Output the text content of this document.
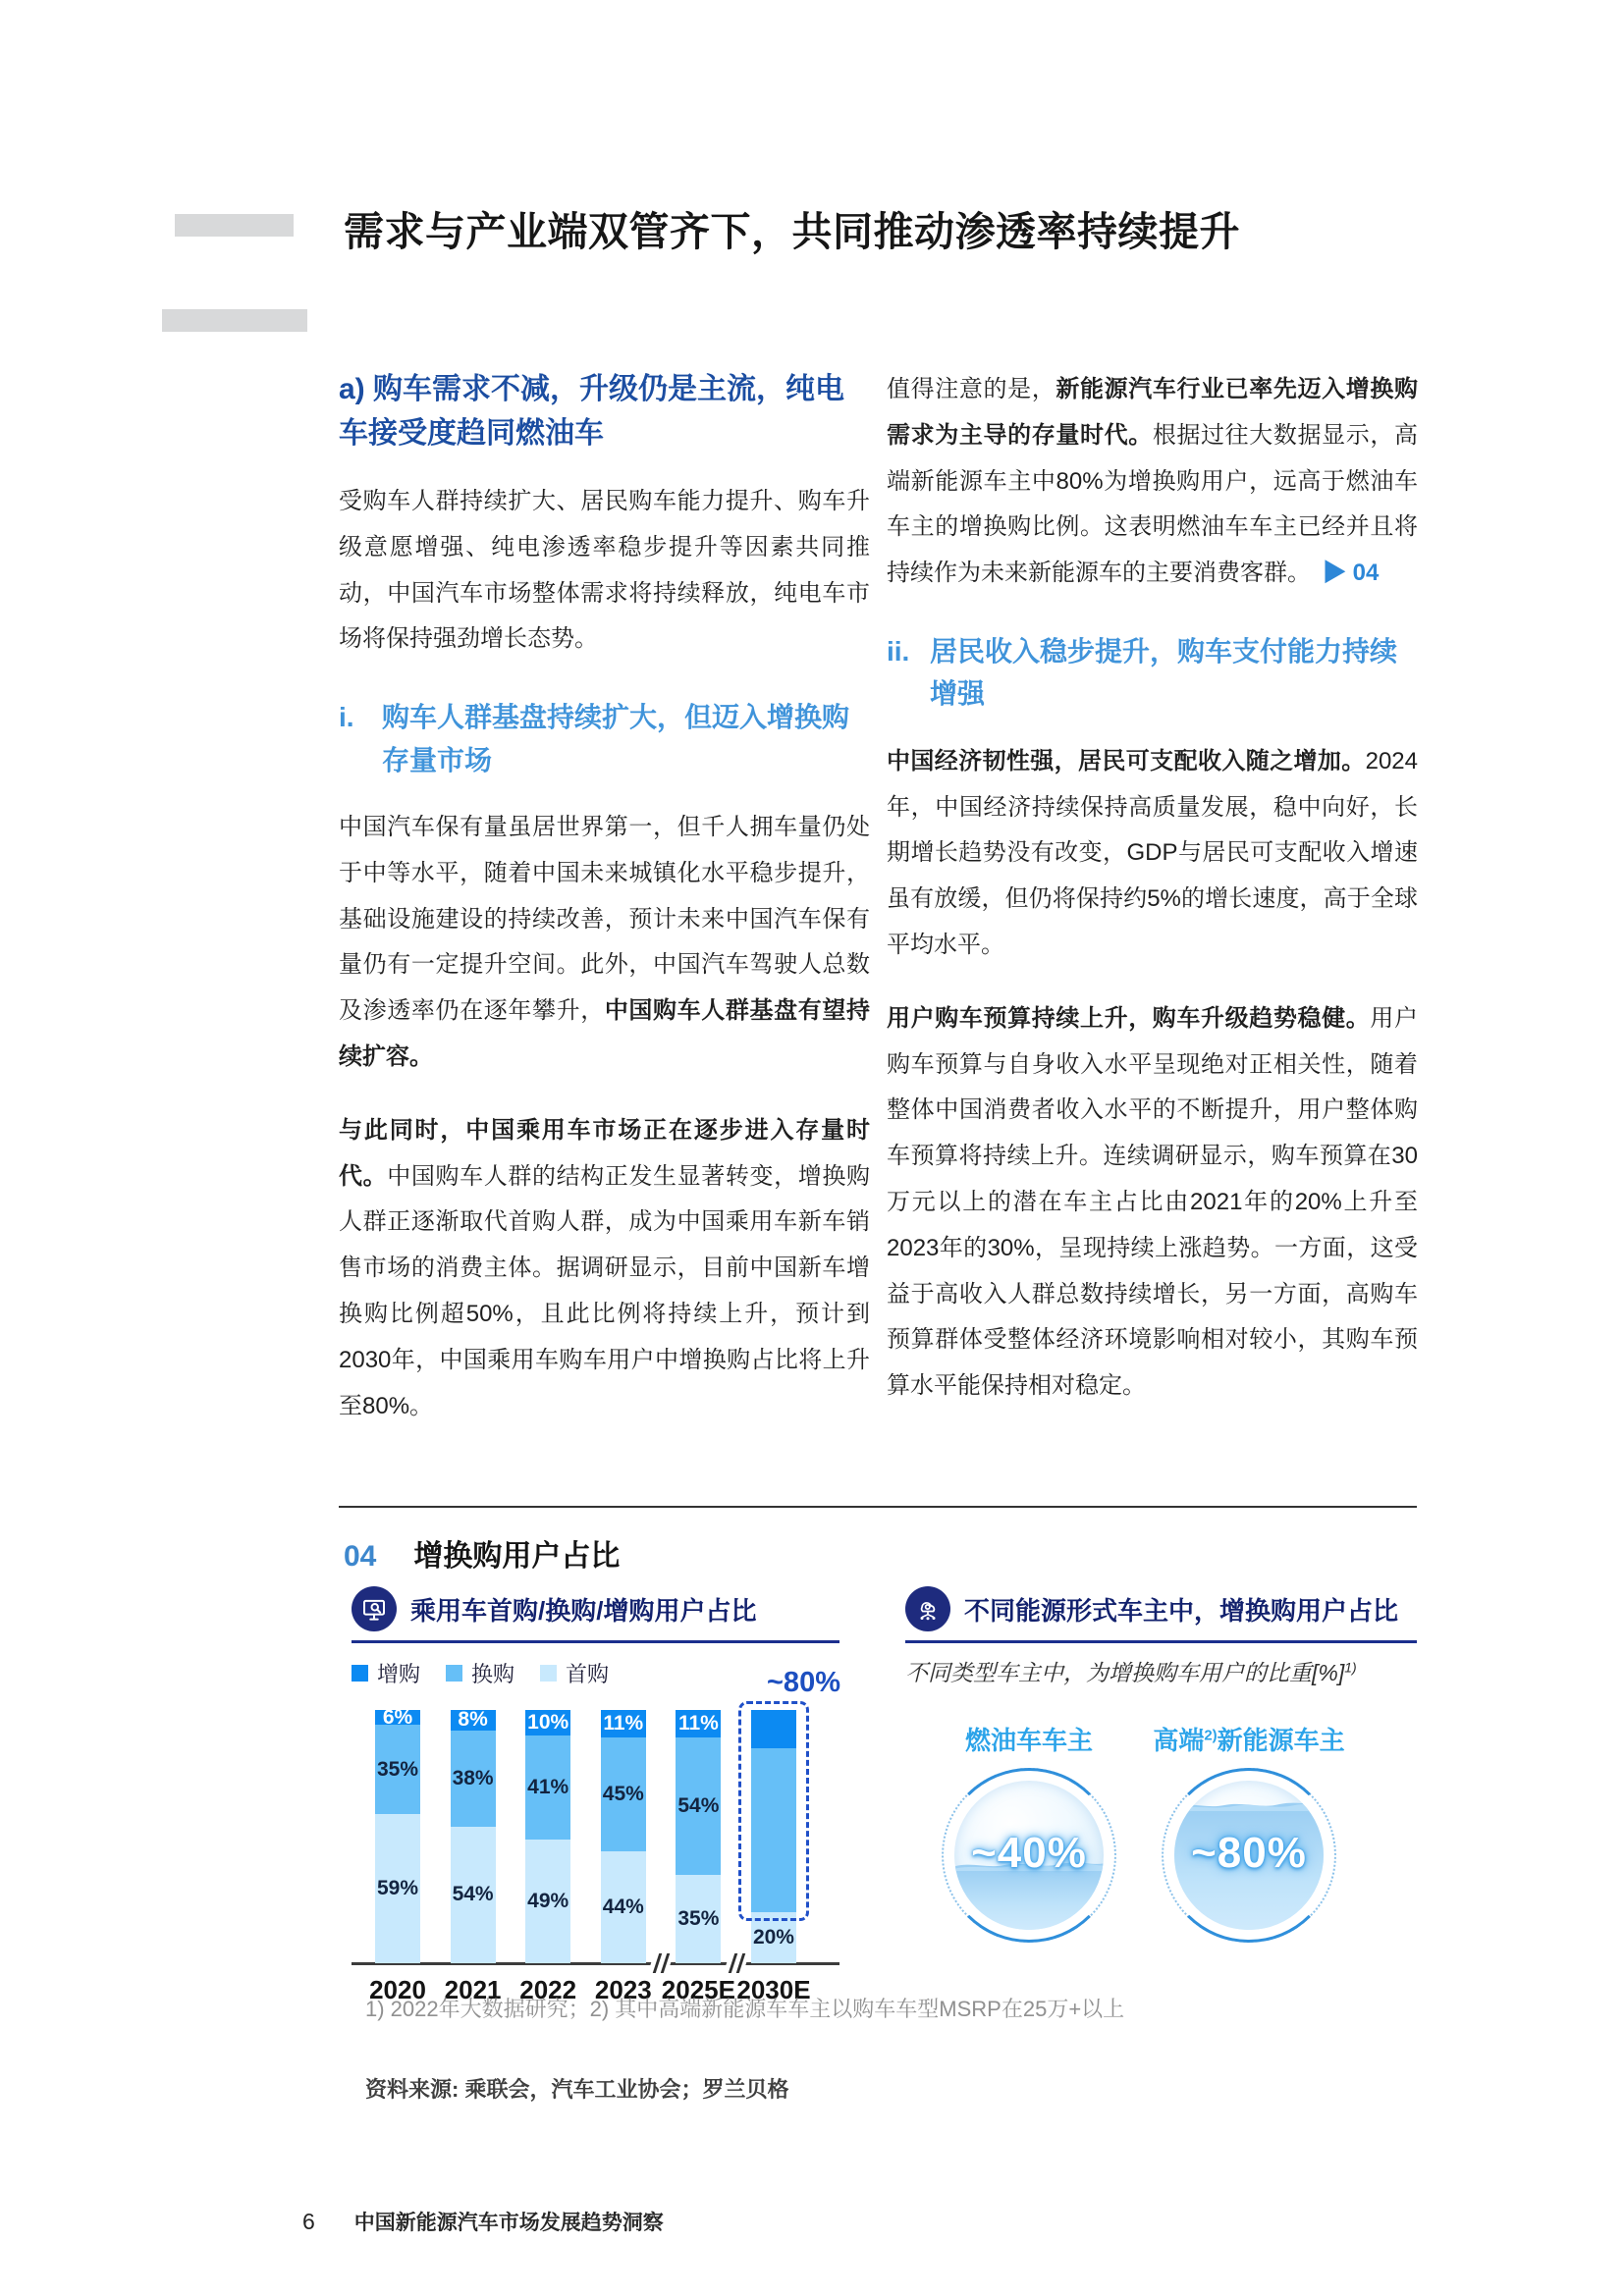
需求与产业端双管齐下，共同推动渗透率持续提升
a) 购车需求不减，升级仍是主流，纯电车接受度趋同燃油车

受购车人群持续扩大、居民购车能力提升、购车升级意愿增强、纯电渗透率稳步提升等因素共同推动，中国汽车市场整体需求将持续释放，纯电车市场将保持强劲增长态势。

i.	购车人群基盘持续扩大，但迈入增换购存量市场

中国汽车保有量虽居世界第一，但千人拥车量仍处于中等水平，随着中国未来城镇化水平稳步提升，基础设施建设的持续改善，预计未来中国汽车保有量仍有一定提升空间。此外，中国汽车驾驶人总数及渗透率仍在逐年攀升，中国购车人群基盘有望持续扩容。

与此同时，中国乘用车市场正在逐步进入存量时代。中国购车人群的结构正发生显著转变，增换购人群正逐渐取代首购人群，成为中国乘用车新车销售市场的消费主体。据调研显示，目前中国新车增换购比例超50%，且此比例将持续上升，预计到2030年，中国乘用车购车用户中增换购占比将上升至80%。

值得注意的是，新能源汽车行业已率先迈入增换购需求为主导的存量时代。根据过往大数据显示，高端新能源车主中80%为增换购用户，远高于燃油车车主的增换购比例。这表明燃油车车主已经并且将持续作为未来新能源车的主要消费客群。　▶ 04

ii. 居民收入稳步提升，购车支付能力持续增强

中国经济韧性强，居民可支配收入随之增加。2024年，中国经济持续保持高质量发展，稳中向好，长期增长趋势没有改变，GDP与居民可支配收入增速虽有放缓，但仍将保持约5%的增长速度，高于全球平均水平。

用户购车预算持续上升，购车升级趋势稳健。用户购车预算与自身收入水平呈现绝对正相关性，随着整体中国消费者收入水平的不断提升，用户整体购车预算将持续上升。连续调研显示，购车预算在30万元以上的潜在车主占比由2021年的20%上升至2023年的30%，呈现持续上涨趋势。一方面，这受益于高收入人群总数持续增长，另一方面，高购车预算群体受整体经济环境影响相对较小，其购车预算水平能保持相对稳定。

04 增换购用户占比
乘用车首购/换购/增购用户占比
增购 换购 首购
59%
35%
6%
2020
54%
38%
8%
2021
49%
41%
10%
2022
44%
45%
11%
2023
35%
54%
11%
2025E
20%
2030E
~80%
不同能源形式车主中，增换购用户占比
不同类型车主中，为增换购车用户的比重[%]$^{1)}$
燃油车车主
~40%
高端$^{2)}$新能源车主
~80%
1) 2022年大数据研究；2) 其中高端新能源车车主以购车车型MSRP在25万+以上
资料来源: 乘联会，汽车工业协会；罗兰贝格
6 中国新能源汽车市场发展趋势洞察
